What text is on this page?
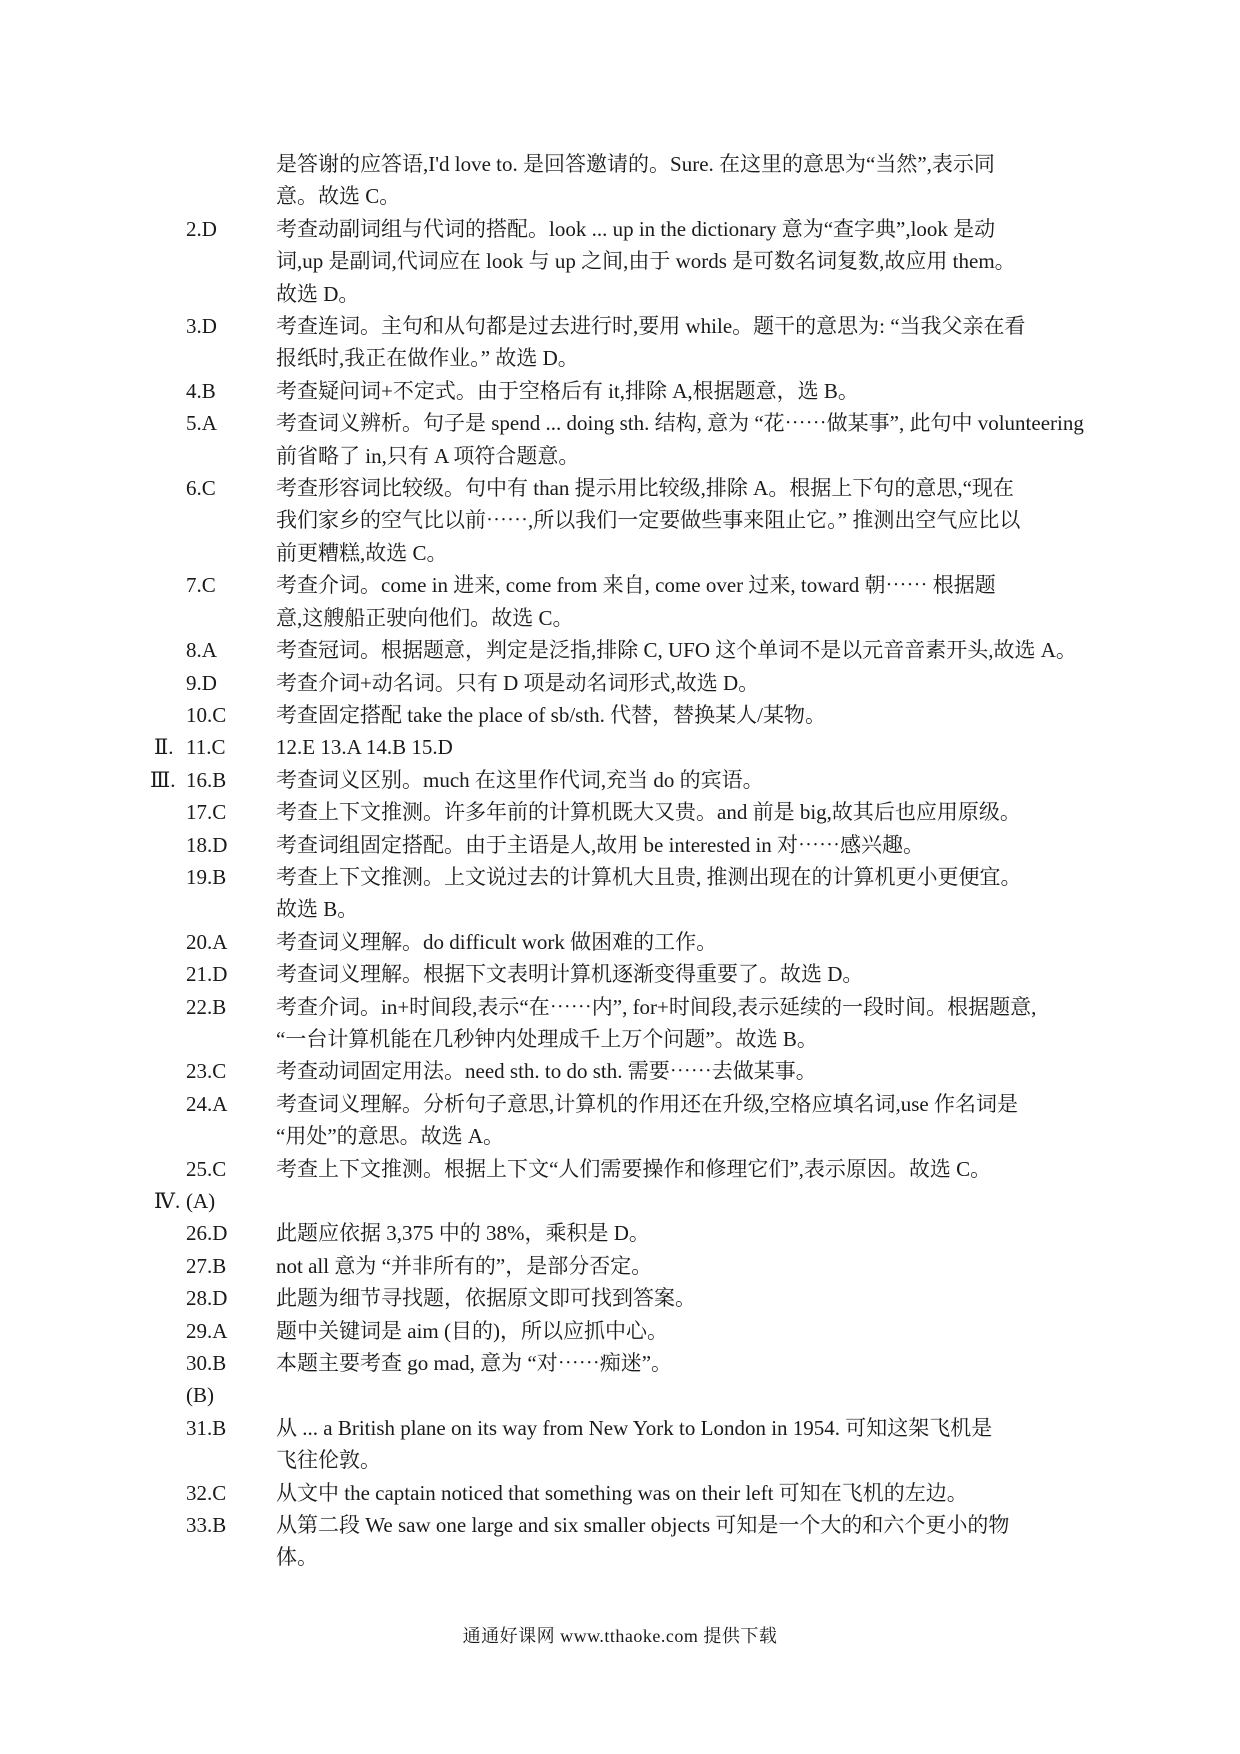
是答谢的应答语,I'd love to. 是回答邀请的。Sure. 在这里的意思为“当然”,表示同
意。故选 C。
2.D	考查动副词组与代词的搭配。look ... up in the dictionary 意为“查字典”,look 是动
词,up 是副词,代词应在 look 与 up 之间,由于 words 是可数名词复数,故应用 them。
故选 D。
3.D	考查连词。主句和从句都是过去进行时,要用 while。题干的意思为: “当我父亲在看
报纸时,我正在做作业。” 故选 D。
4.B	考查疑问词+不定式。由于空格后有 it,排除 A,根据题意，选 B。
5.A	考查词义辨析。句子是 spend ... doing sth. 结构, 意为 “花⋯⋯做某事”, 此句中 volunteering
前省略了 in,只有 A 项符合题意。
6.C	考查形容词比较级。句中有 than 提示用比较级,排除 A。根据上下句的意思,“现在
我们家乡的空气比以前⋯⋯,所以我们一定要做些事来阻止它。” 推测出空气应比以
前更糟糕,故选 C。
7.C	考查介词。come in 进来, come from 来自, come over 过来, toward 朝⋯⋯ 根据题
意,这艘船正驶向他们。故选 C。
8.A	考查冠词。根据题意，判定是泛指,排除 C, UFO 这个单词不是以元音音素开头,故选 A。
9.D	考查介词+动名词。只有 D 项是动名词形式,故选 D。
10.C	考查固定搭配 take the place of sb/sth. 代替，替换某人/某物。
Ⅱ. 11.C	12.E 13.A 14.B 15.D
Ⅲ. 16.B	考查词义区别。much 在这里作代词,充当 do 的宾语。
17.C	考查上下文推测。许多年前的计算机既大又贵。and 前是 big,故其后也应用原级。
18.D	考查词组固定搭配。由于主语是人,故用 be interested in 对⋯⋯感兴趣。
19.B	考查上下文推测。上文说过去的计算机大且贵, 推测出现在的计算机更小更便宜。
故选 B。
20.A	考查词义理解。do difficult work 做困难的工作。
21.D	考查词义理解。根据下文表明计算机逐渐变得重要了。故选 D。
22.B	考查介词。in+时间段,表示“在⋯⋯内”, for+时间段,表示延续的一段时间。根据题意,
“一台计算机能在几秒钟内处理成千上万个问题”。故选 B。
23.C	考查动词固定用法。need sth. to do sth. 需要⋯⋯去做某事。
24.A	考查词义理解。分析句子意思,计算机的作用还在升级,空格应填名词,use 作名词是
“用处”的意思。故选 A。
25.C	考查上下文推测。根据上下文“人们需要操作和修理它们”,表示原因。故选 C。
Ⅳ. (A)
26.D	此题应依据 3,375 中的 38%，乘积是 D。
27.B	not all 意为 “并非所有的”，是部分否定。
28.D	此题为细节寻找题，依据原文即可找到答案。
29.A	题中关键词是 aim (目的)，所以应抓中心。
30.B	本题主要考查 go mad, 意为 “对⋯⋯痴迷”。
(B)
31.B	从 ... a British plane on its way from New York to London in 1954. 可知这架飞机是
飞往伦敦。
32.C	从文中 the captain noticed that something was on their left 可知在飞机的左边。
33.B	从第二段 We saw one large and six smaller objects 可知是一个大的和六个更小的物
体。
通通好课网 www.tthaoke.com 提供下载
